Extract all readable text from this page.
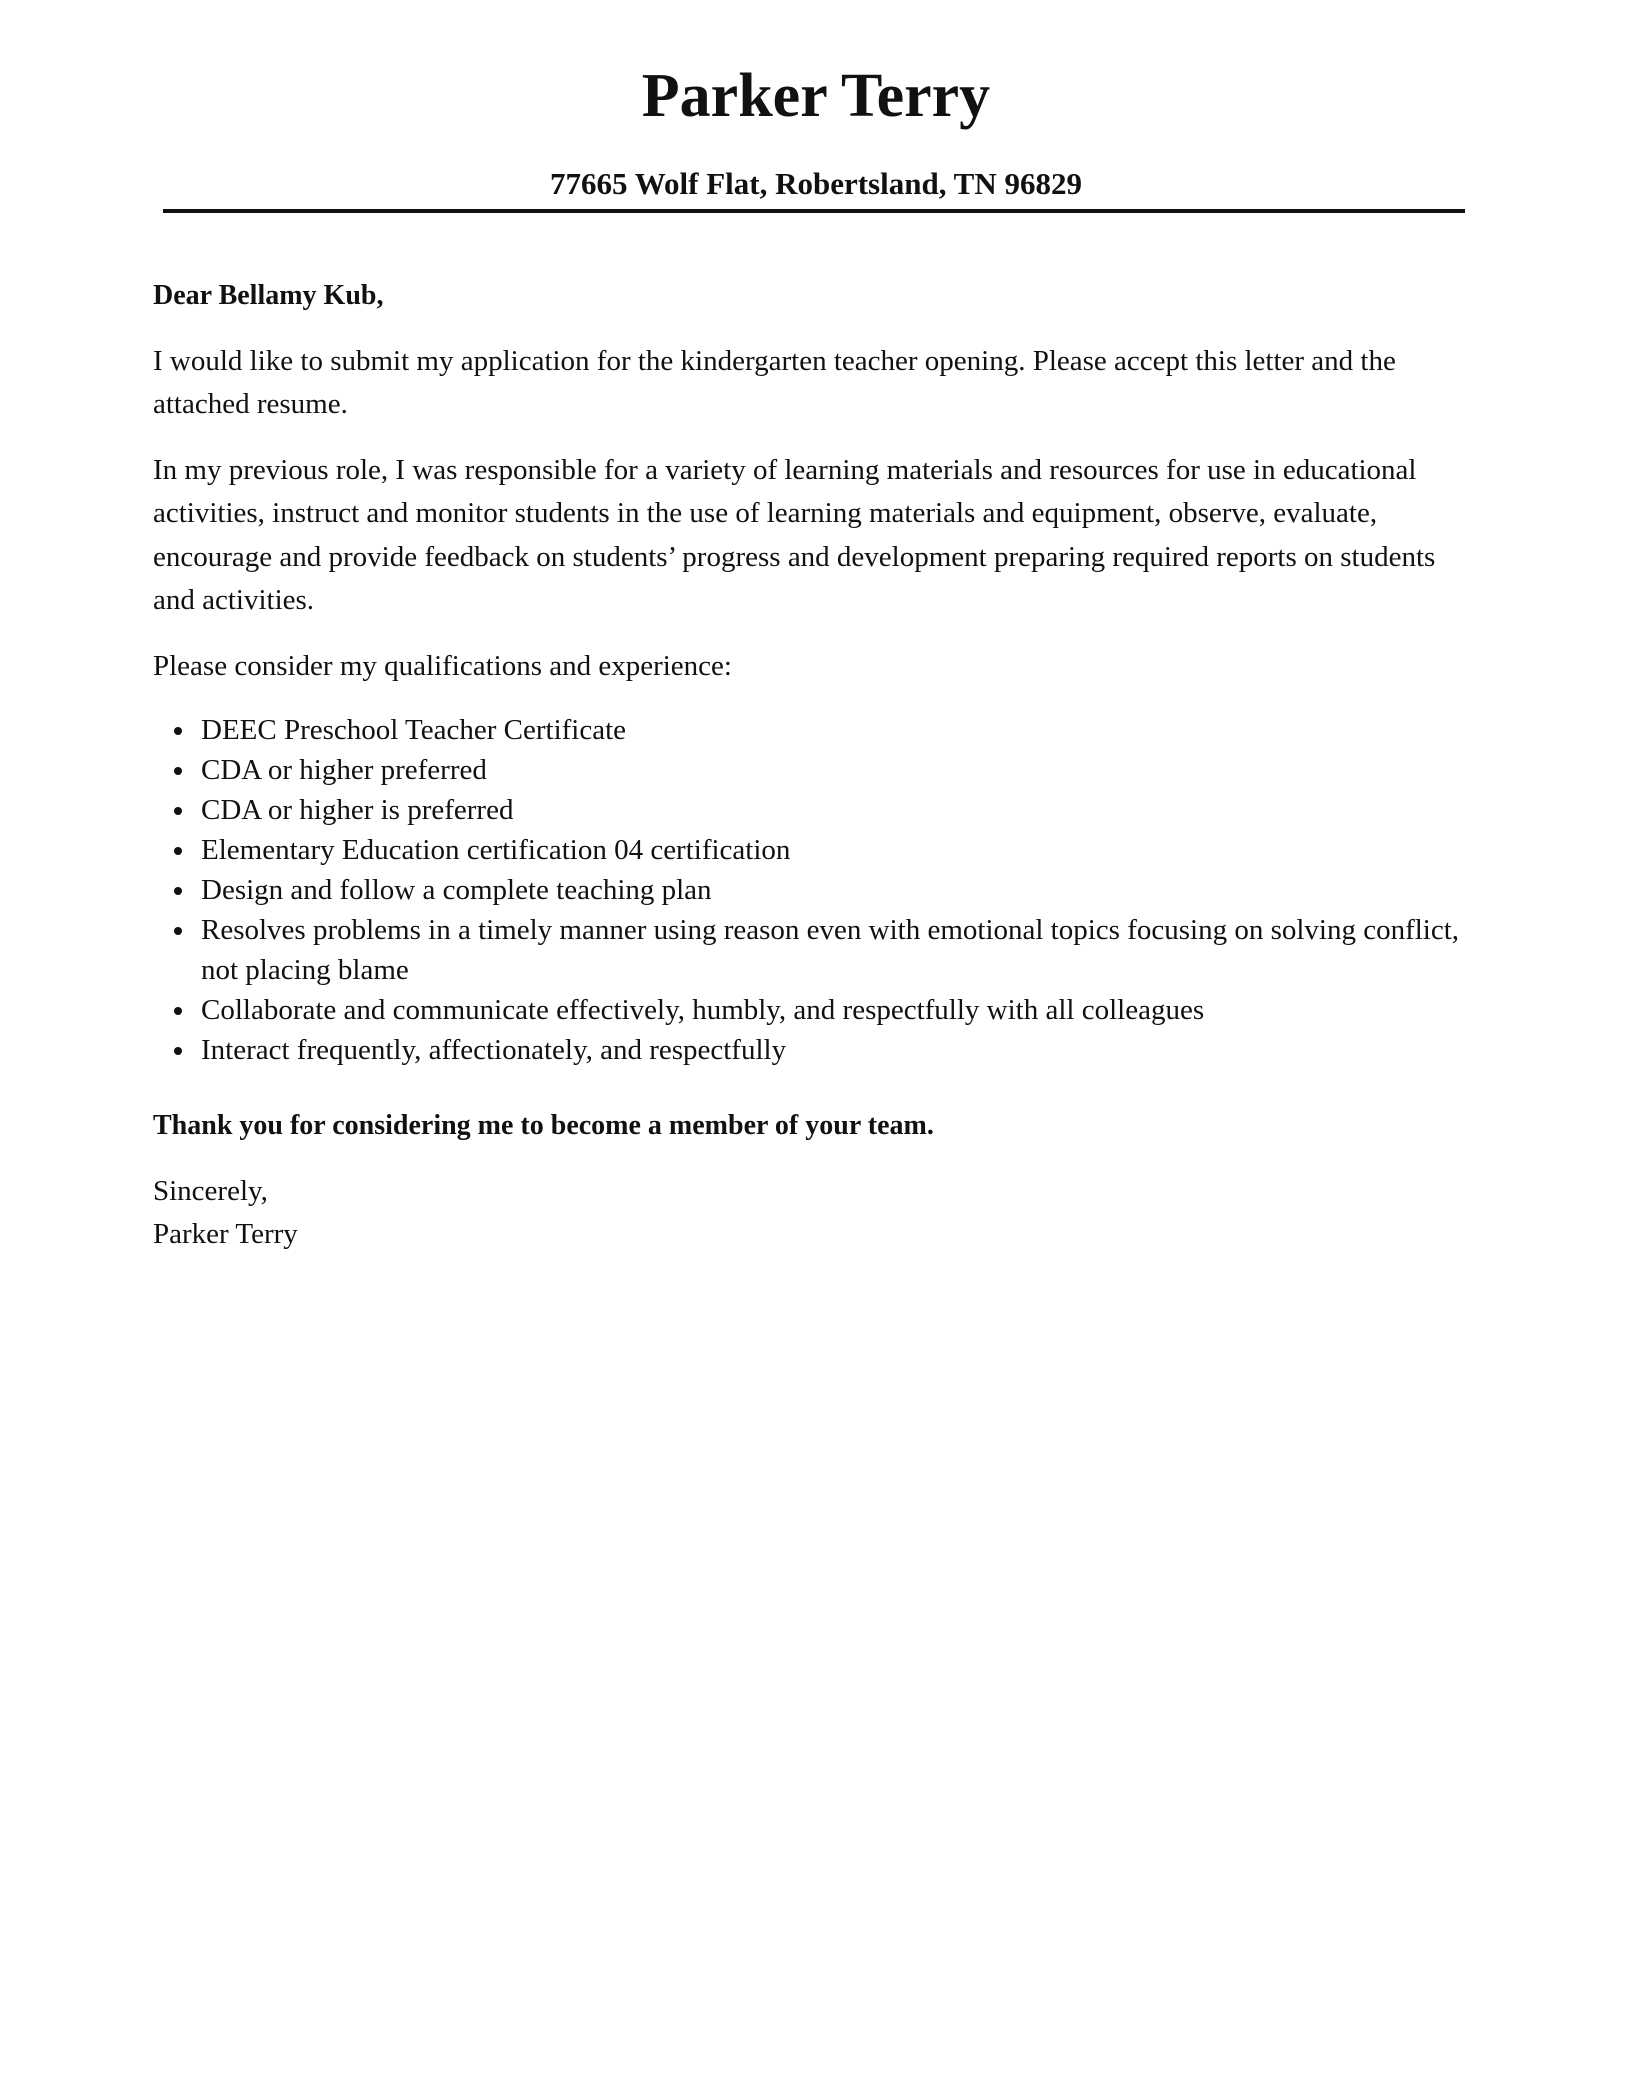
Parker Terry
77665 Wolf Flat, Robertsland, TN 96829

Dear Bellamy Kub,

I would like to submit my application for the kindergarten teacher opening. Please accept this letter and the attached resume.

In my previous role, I was responsible for a variety of learning materials and resources for use in educational activities, instruct and monitor students in the use of learning materials and equipment, observe, evaluate, encourage and provide feedback on students’ progress and development preparing required reports on students and activities.

Please consider my qualifications and experience:

DEEC Preschool Teacher Certificate
CDA or higher preferred
CDA or higher is preferred
Elementary Education certification 04 certification
Design and follow a complete teaching plan
Resolves problems in a timely manner using reason even with emotional topics focusing on solving conflict, not placing blame
Collaborate and communicate effectively, humbly, and respectfully with all colleagues
Interact frequently, affectionately, and respectfully

Thank you for considering me to become a member of your team.

Sincerely,

Parker Terry
